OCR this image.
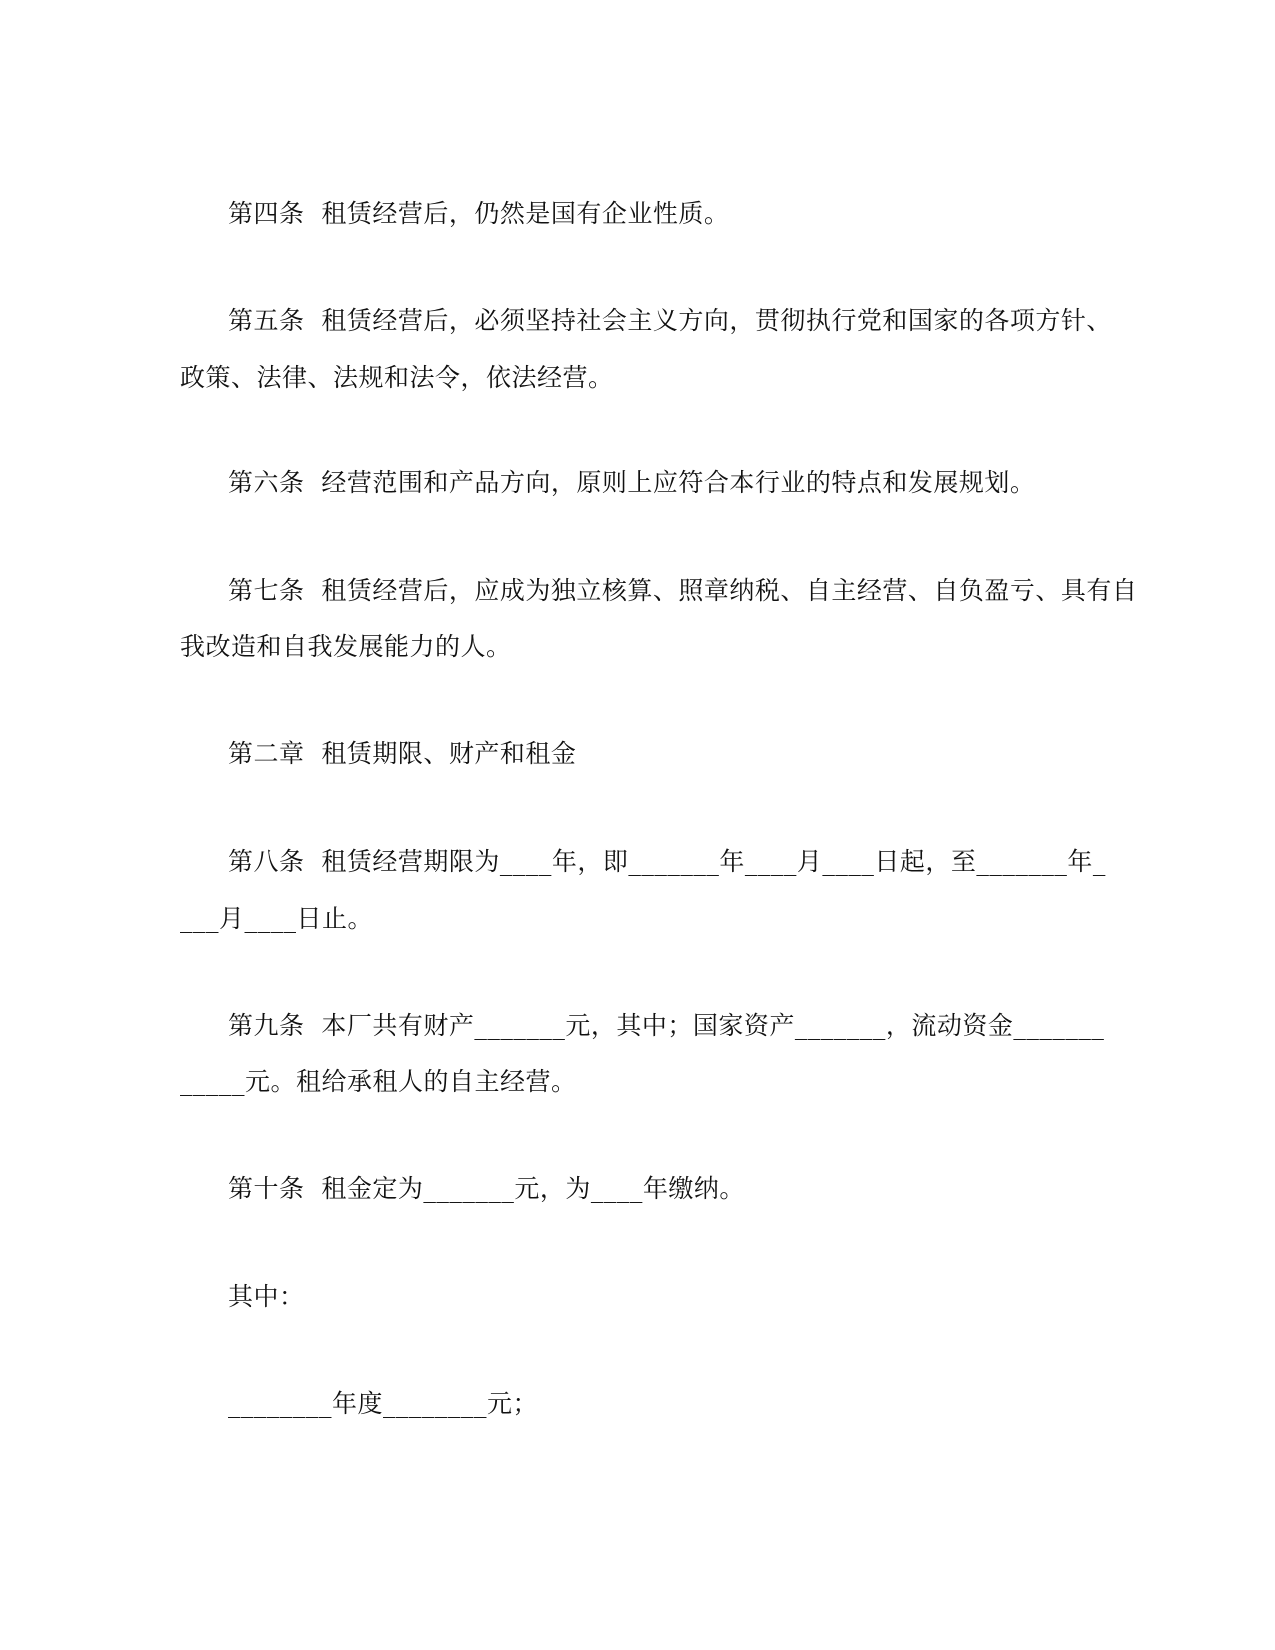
第四条  租赁经营后，仍然是国有企业性质。

第五条  租赁经营后，必须坚持社会主义方向，贯彻执行党和国家的各项方针、

政策、法律、法规和法令，依法经营。

第六条  经营范围和产品方向，原则上应符合本行业的特点和发展规划。

第七条  租赁经营后，应成为独立核算、照章纳税、自主经营、自负盈亏、具有自

我改造和自我发展能力的人。

第二章  租赁期限、财产和租金

第八条  租赁经营期限为____年，即_______年____月____日起，至_______年_

___月____日止。

第九条  本厂共有财产_______元，其中；国家资产_______，流动资金_______

_____元。租给承租人的自主经营。

第十条  租金定为_______元，为____年缴纳。

其中：

________年度________元；
